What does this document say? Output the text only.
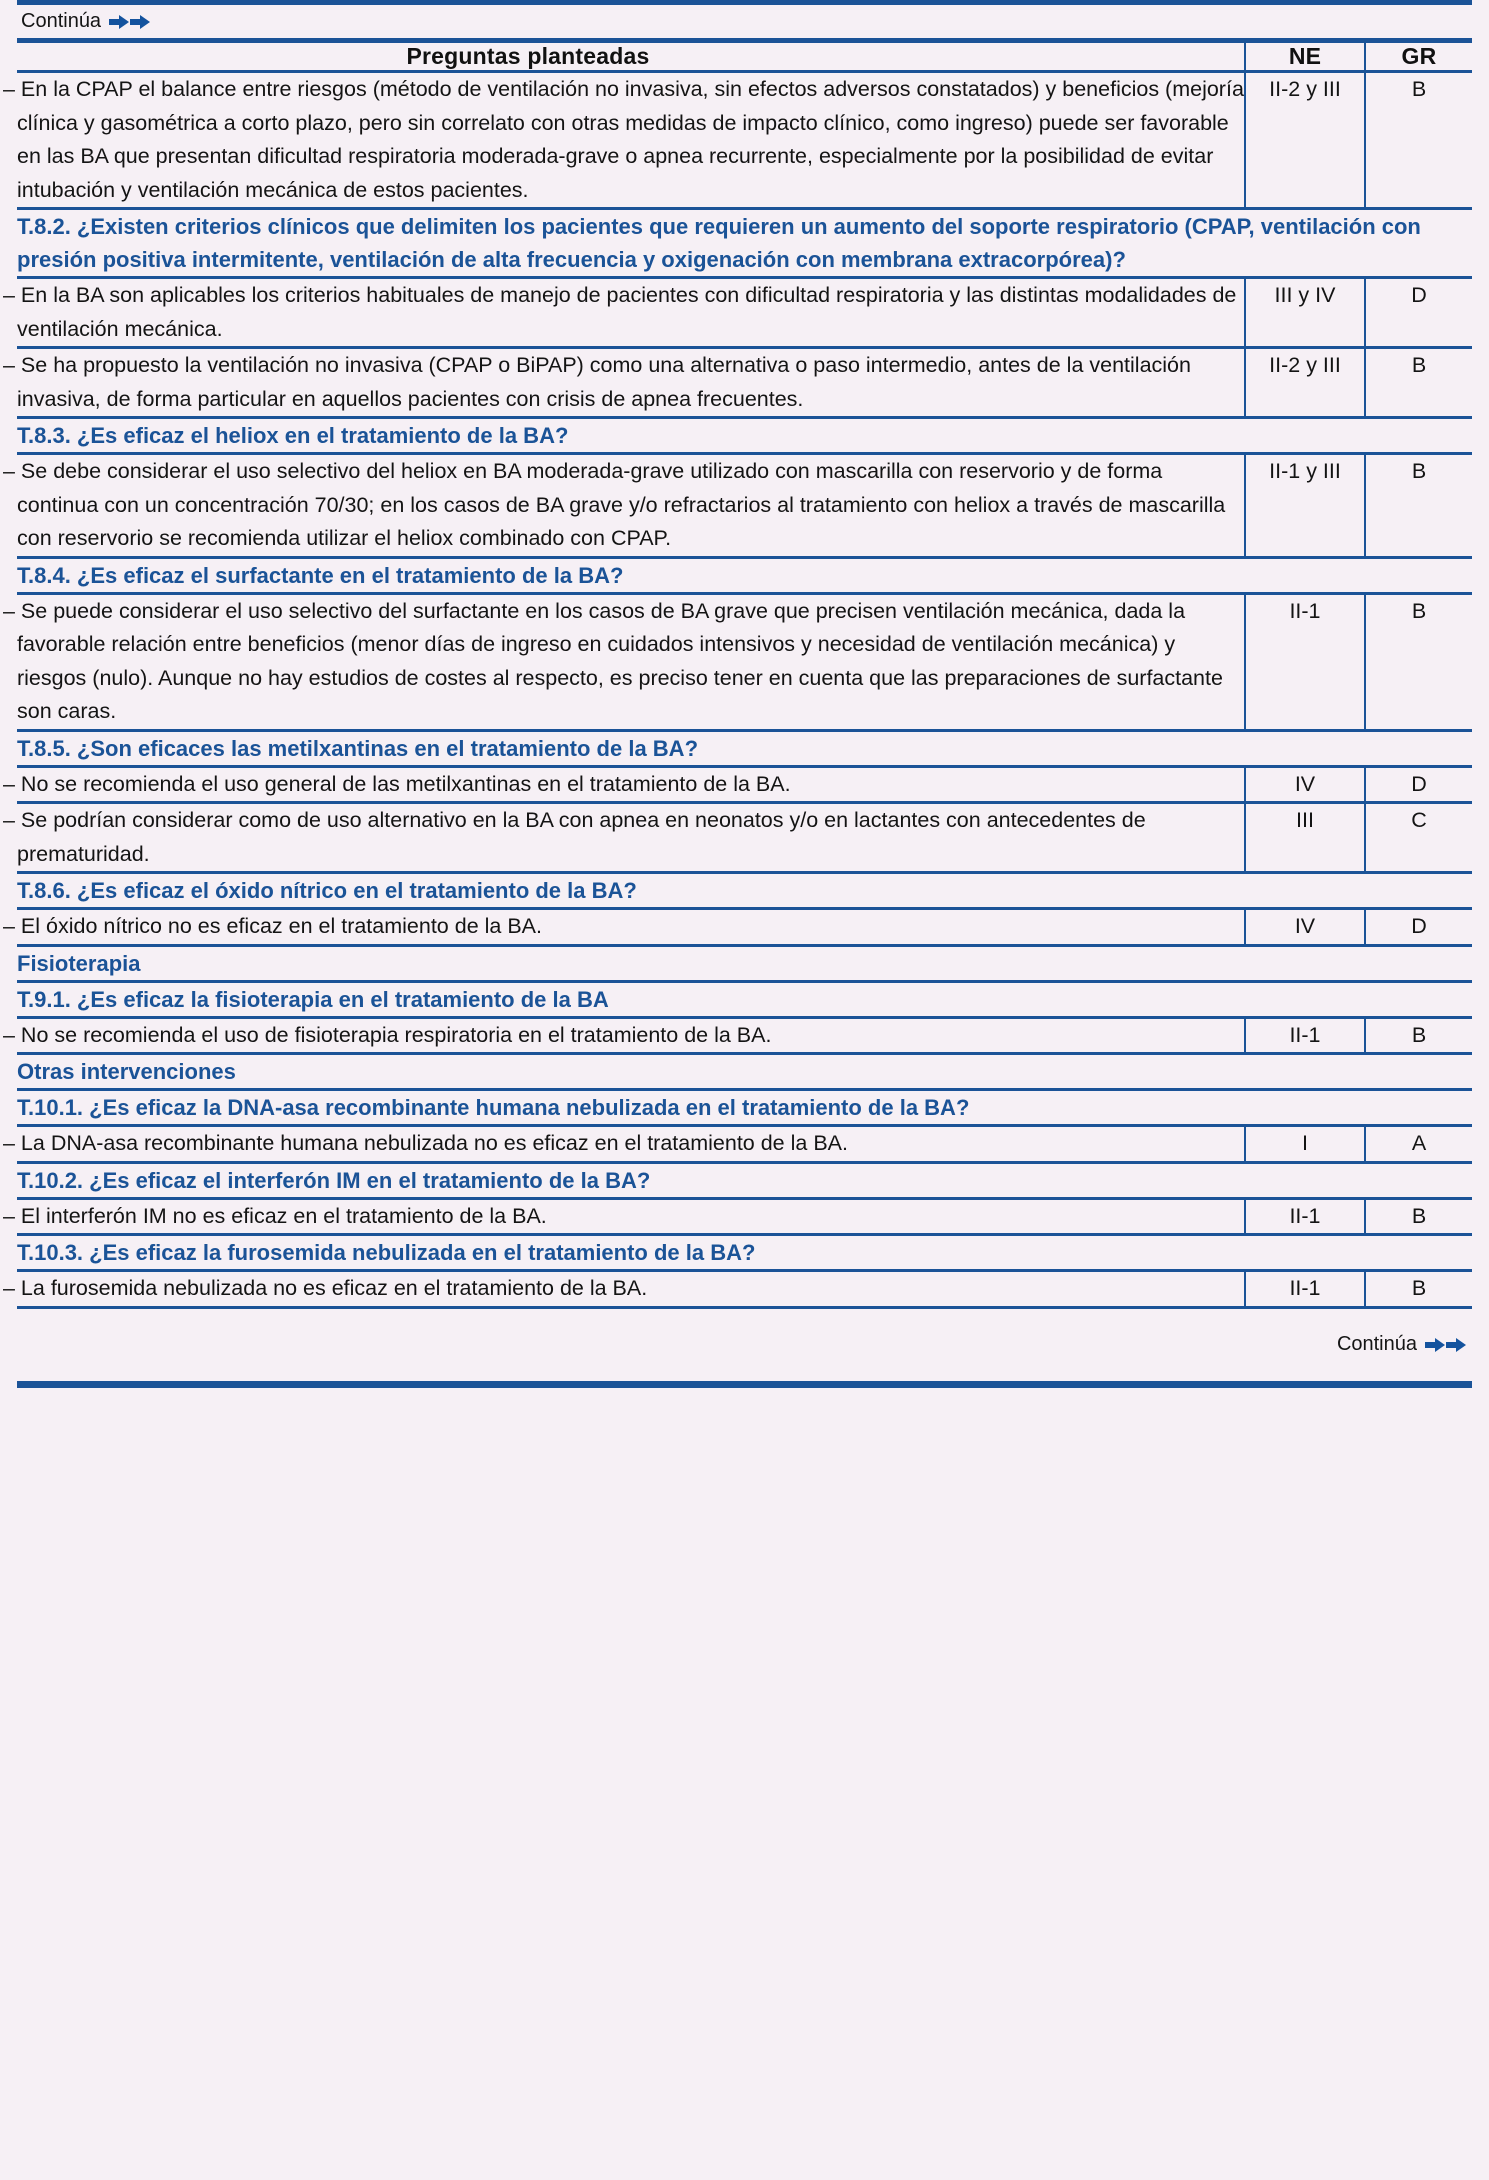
Continúa
Preguntas planteadas	NE	GR
– En la CPAP el balance entre riesgos (método de ventilación no invasiva, sin efectos adversos constatados) y beneficios (mejoría clínica y gasométrica a corto plazo, pero sin correlato con otras medidas de impacto clínico, como ingreso) puede ser favorable en las BA que presentan dificultad respiratoria moderada-grave o apnea recurrente, especialmente por la posibilidad de evitar intubación y ventilación mecánica de estos pacientes.	II-2 y III	B
T.8.2. ¿Existen criterios clínicos que delimiten los pacientes que requieren un aumento del soporte respiratorio (CPAP, ventilación con presión positiva intermitente, ventilación de alta frecuencia y oxigenación con membrana extracorpórea)?		
– En la BA son aplicables los criterios habituales de manejo de pacientes con dificultad respiratoria y las distintas modalidades de ventilación mecánica.	III y IV	D
– Se ha propuesto la ventilación no invasiva (CPAP o BiPAP) como una alternativa o paso intermedio, antes de la ventilación invasiva, de forma particular en aquellos pacientes con crisis de apnea frecuentes.	II-2 y III	B
T.8.3. ¿Es eficaz el heliox en el tratamiento de la BA?		
– Se debe considerar el uso selectivo del heliox en BA moderada-grave utilizado con mascarilla con reservorio y de forma continua con un concentración 70/30; en los casos de BA grave y/o refractarios al tratamiento con heliox a través de mascarilla con reservorio se recomienda utilizar el heliox combinado con CPAP.	II-1 y III	B
T.8.4. ¿Es eficaz el surfactante en el tratamiento de la BA?		
– Se puede considerar el uso selectivo del surfactante en los casos de BA grave que precisen ventilación mecánica, dada la favorable relación entre beneficios (menor días de ingreso en cuidados intensivos y necesidad de ventilación mecánica) y riesgos (nulo). Aunque no hay estudios de costes al respecto, es preciso tener en cuenta que las preparaciones de surfactante son caras.	II-1	B
T.8.5. ¿Son eficaces las metilxantinas en el tratamiento de la BA?		
– No se recomienda el uso general de las metilxantinas en el tratamiento de la BA.	IV	D
– Se podrían considerar como de uso alternativo en la BA con apnea en neonatos y/o en lactantes con antecedentes de prematuridad.	III	C
T.8.6. ¿Es eficaz el óxido nítrico en el tratamiento de la BA?		
– El óxido nítrico no es eficaz en el tratamiento de la BA.	IV	D
Fisioterapia		
T.9.1. ¿Es eficaz la fisioterapia en el tratamiento de la BA		
– No se recomienda el uso de fisioterapia respiratoria en el tratamiento de la BA.	II-1	B
Otras intervenciones		
T.10.1. ¿Es eficaz la DNA-asa recombinante humana nebulizada en el tratamiento de la BA?		
– La DNA-asa recombinante humana nebulizada no es eficaz en el tratamiento de la BA.	I	A
T.10.2. ¿Es eficaz el interferón IM en el tratamiento de la BA?		
– El interferón IM no es eficaz en el tratamiento de la BA.	II-1	B
T.10.3. ¿Es eficaz la furosemida nebulizada en el tratamiento de la BA?		
– La furosemida nebulizada no es eficaz en el tratamiento de la BA.	II-1	B
Continúa
